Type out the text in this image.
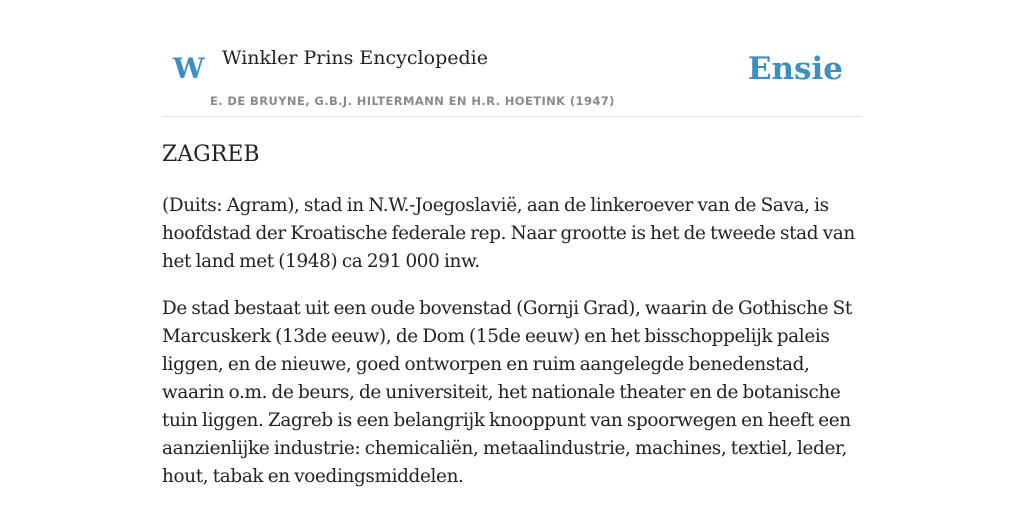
W Winkler Prins Encyclopedie
E. DE BRUYNE, G.B.J. HILTERMANN EN H.R. HOETINK (1947)
Ensie
ZAGREB

(Duits: Agram), stad in N.W.-Joegoslavië, aan de linkeroever van de Sava, is hoofdstad der Kroatische federale rep. Naar grootte is het de tweede stad van het land met (1948) ca 291 000 inw.

De stad bestaat uit een oude bovenstad (Gornji Grad), waarin de Gothische St Marcuskerk (13de eeuw), de Dom (15de eeuw) en het bisschoppelijk paleis liggen, en de nieuwe, goed ontworpen en ruim aangelegde benedenstad, waarin o.m. de beurs, de universiteit, het nationale theater en de botanische tuin liggen. Zagreb is een belangrijk knooppunt van spoorwegen en heeft een aanzienlijke industrie: chemicaliën, metaalindustrie, machines, textiel, leder, hout, tabak en voedingsmiddelen.
